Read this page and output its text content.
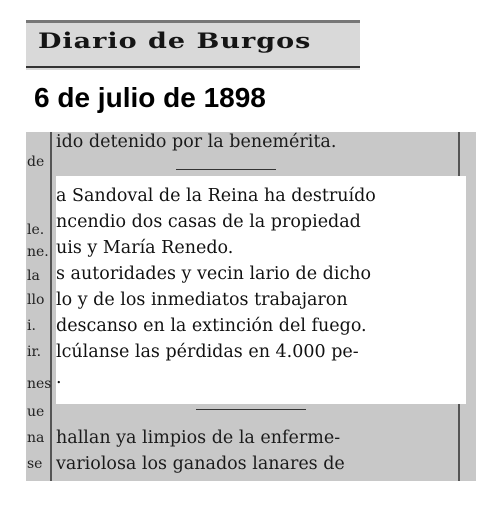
Diario de Burgos
6 de julio de 1898
de
le.
ne.
la
llo
i.
ir.
nes
ue
na
se
ido detenido por la benemérita.
a Sandoval de la Reina ha destruído
ncendio dos casas de la propiedad
uis y María Renedo.
s autoridades y vecin lario de dicho
lo y de los inmediatos trabajaron
descanso en la extinción del fuego.
lcúlanse las pérdidas en 4.000 pe-
.
hallan ya limpios de la enferme-
variolosa los ganados lanares de
